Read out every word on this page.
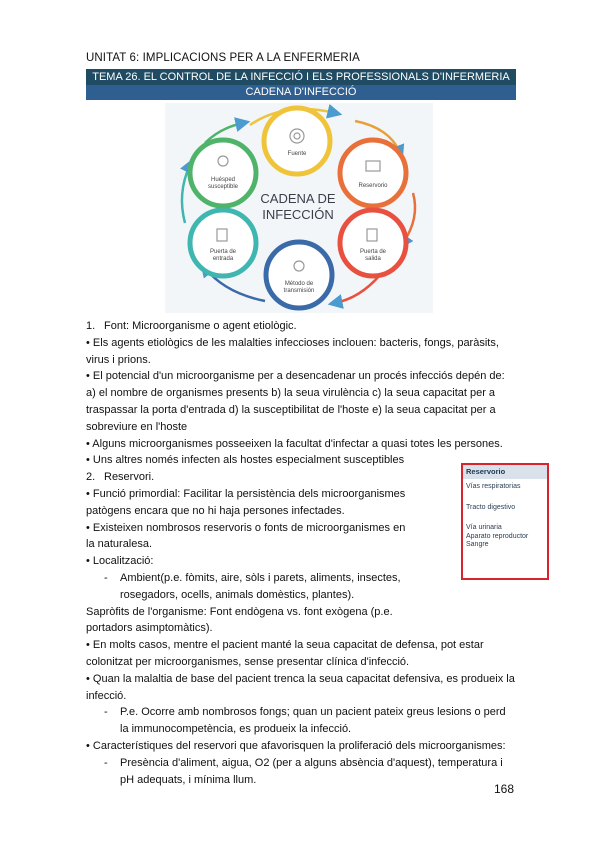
UNITAT 6: IMPLICACIONS PER A LA ENFERMERIA
TEMA 26. EL CONTROL DE LA INFECCIÓ I ELS PROFESSIONALS D'INFERMERIA
CADENA D'INFECCIÓ
Fuente
Reservorio
Puerta de
salida
Método de
transmisión
Puerta de
entrada
Huésped
susceptible
CADENA DE
INFECCIÓN

1. Font: Microorganisme o agent etiològic.

• Els agents etiològics de les malalties infeccioses inclouen: bacteris, fongs, paràsits, virus i prions.

• El potencial d'un microorganisme per a desencadenar un procés infecciós depén de: a) el nombre de organismes presents b) la seua virulència c) la seua capacitat per a traspassar la porta d'entrada d) la susceptibilitat de l'hoste e) la seua capacitat per a sobreviure en l'hoste

• Alguns microorganismes posseeixen la facultat d'infectar a quasi totes les persones.

• Uns altres només infecten als hostes especialment susceptibles

2. Reservori.

• Funció primordial: Facilitar la persistència dels microorganismes patògens encara que no hi haja persones infectades.

• Existeixen nombrosos reservoris o fonts de microorganismes en la naturalesa.

• Localització:

- Ambient(p.e. fòmits, aire, sòls i parets, aliments, insectes, rosegadors, ocells, animals domèstics, plantes).

Sapròfits de l'organisme: Font endògena vs. font exògena (p.e. portadors asimptomàtics).

• En molts casos, mentre el pacient manté la seua capacitat de defensa, pot estar colonitzat per microorganismes, sense presentar clínica d'infecció.

• Quan la malaltia de base del pacient trenca la seua capacitat defensiva, es produeix la infecció.

- P.e. Ocorre amb nombrosos fongs; quan un pacient pateix greus lesions o perd la immunocompetència, es produeix la infecció.

• Característiques del reservori que afavorisquen la proliferació dels microorganismes:

- Presència d'aliment, aigua, O2 (per a alguns absència d'aquest), temperatura i pH adequats, i mínima llum.

Reservorio
Vías respiratorias
Tracto digestivo
Vía urinaria
Aparato reproductor
Sangre
168
